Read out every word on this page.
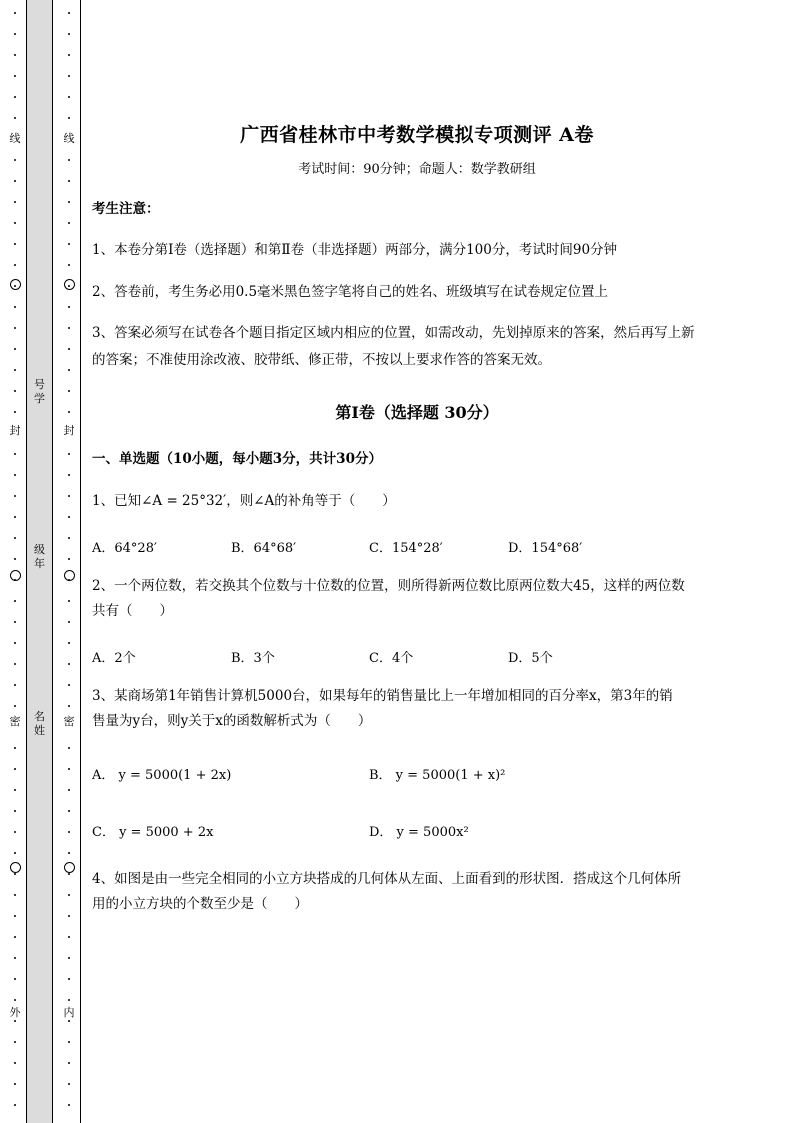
线
封
密
外
线
封
密
内
号学
级年
名姓
广西省桂林市中考数学模拟专项测评 A卷
考试时间：90分钟；命题人：数学教研组
考生注意：
1、本卷分第I卷（选择题）和第Ⅱ卷（非选择题）两部分，满分100分，考试时间90分钟
2、答卷前，考生务必用0.5毫米黑色签字笔将自己的姓名、班级填写在试卷规定位置上
3、答案必须写在试卷各个题目指定区域内相应的位置，如需改动，先划掉原来的答案，然后再写上新
的答案；不准使用涂改液、胶带纸、修正带，不按以上要求作答的答案无效。
第I卷（选择题 30分）
一、单选题（10小题，每小题3分，共计30分）
1、已知∠A = 25°32′，则∠A的补角等于（　　）
A．64°28′	B．64°68′	C．154°28′	D．154°68′
2、一个两位数，若交换其个位数与十位数的位置，则所得新两位数比原两位数大45，这样的两位数
共有（　　）
A．2个	B．3个	C．4个	D．5个
3、某商场第1年销售计算机5000台，如果每年的销售量比上一年增加相同的百分率x，第3年的销
售量为y台，则y关于x的函数解析式为（　　）
A． y = 5000(1 + 2x)	B． y = 5000(1 + x)²
C． y = 5000 + 2x	D． y = 5000x²
4、如图是由一些完全相同的小立方块搭成的几何体从左面、上面看到的形状图．搭成这个几何体所
用的小立方块的个数至少是（　　）
